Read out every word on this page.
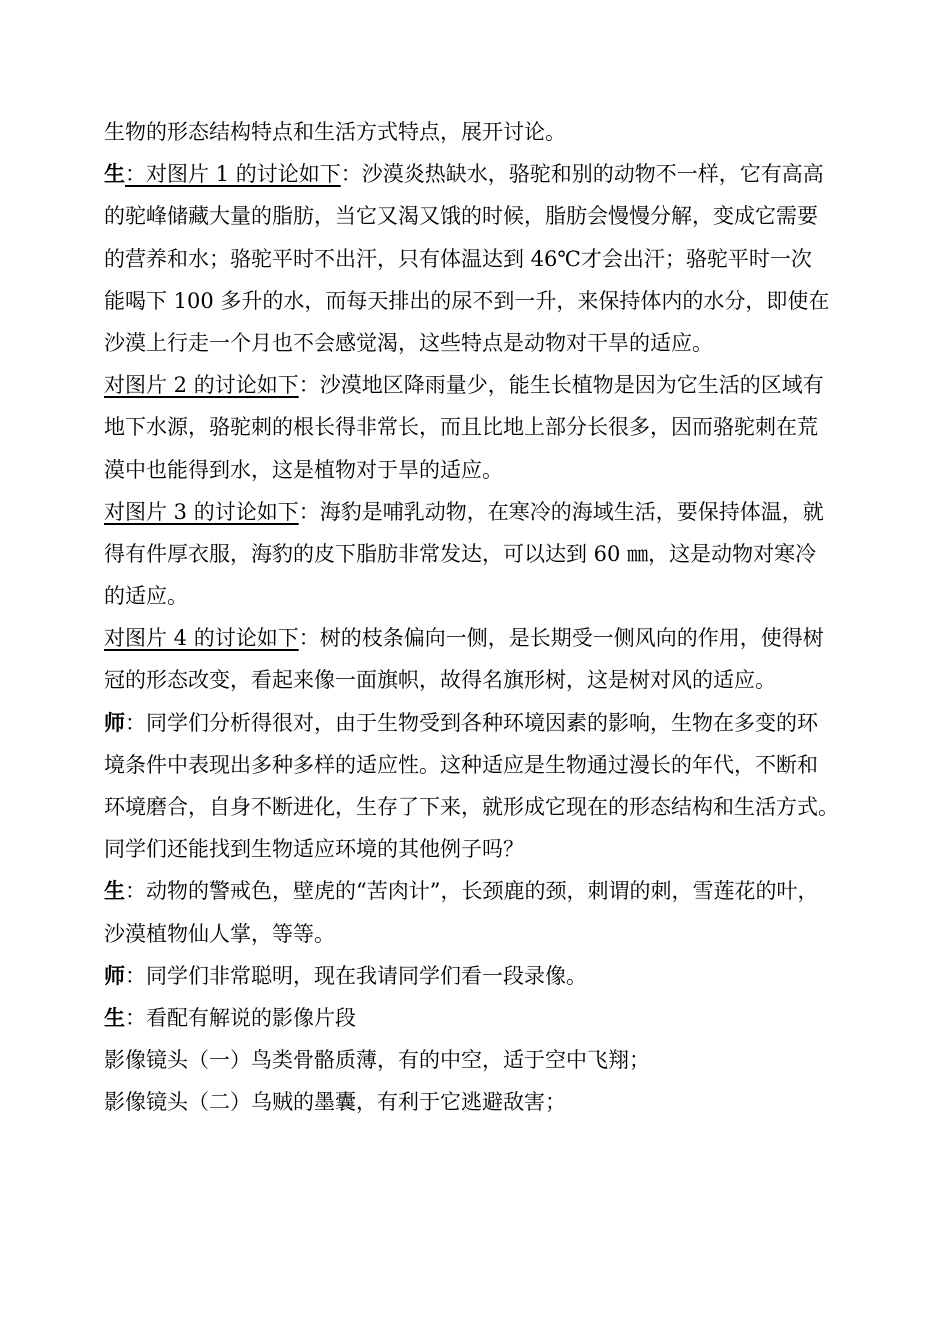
生物的形态结构特点和生活方式特点，展开讨论。
生：对图片 1 的讨论如下：沙漠炎热缺水，骆驼和别的动物不一样，它有高高
的驼峰储藏大量的脂肪，当它又渴又饿的时候，脂肪会慢慢分解，变成它需要
的营养和水；骆驼平时不出汗，只有体温达到 46℃才会出汗；骆驼平时一次
能喝下 100 多升的水，而每天排出的尿不到一升，来保持体内的水分，即使在
沙漠上行走一个月也不会感觉渴，这些特点是动物对干旱的适应。
对图片 2 的讨论如下：沙漠地区降雨量少，能生长植物是因为它生活的区域有
地下水源，骆驼刺的根长得非常长，而且比地上部分长很多，因而骆驼刺在荒
漠中也能得到水，这是植物对于旱的适应。
对图片 3 的讨论如下：海豹是哺乳动物，在寒冷的海域生活，要保持体温，就
得有件厚衣服，海豹的皮下脂肪非常发达，可以达到 60 ㎜，这是动物对寒冷
的适应。
对图片 4 的讨论如下：树的枝条偏向一侧，是长期受一侧风向的作用，使得树
冠的形态改变，看起来像一面旗帜，故得名旗形树，这是树对风的适应。
师：同学们分析得很对，由于生物受到各种环境因素的影响，生物在多变的环
境条件中表现出多种多样的适应性。这种适应是生物通过漫长的年代，不断和
环境磨合，自身不断进化，生存了下来，就形成它现在的形态结构和生活方式。
同学们还能找到生物适应环境的其他例子吗？
生：动物的警戒色，壁虎的“苦肉计”，长颈鹿的颈，刺谓的刺，雪莲花的叶，
沙漠植物仙人掌，等等。
师：同学们非常聪明，现在我请同学们看一段录像。
生：看配有解说的影像片段
影像镜头（一）鸟类骨骼质薄，有的中空，适于空中飞翔；
影像镜头（二）乌贼的墨囊，有利于它逃避敌害；
